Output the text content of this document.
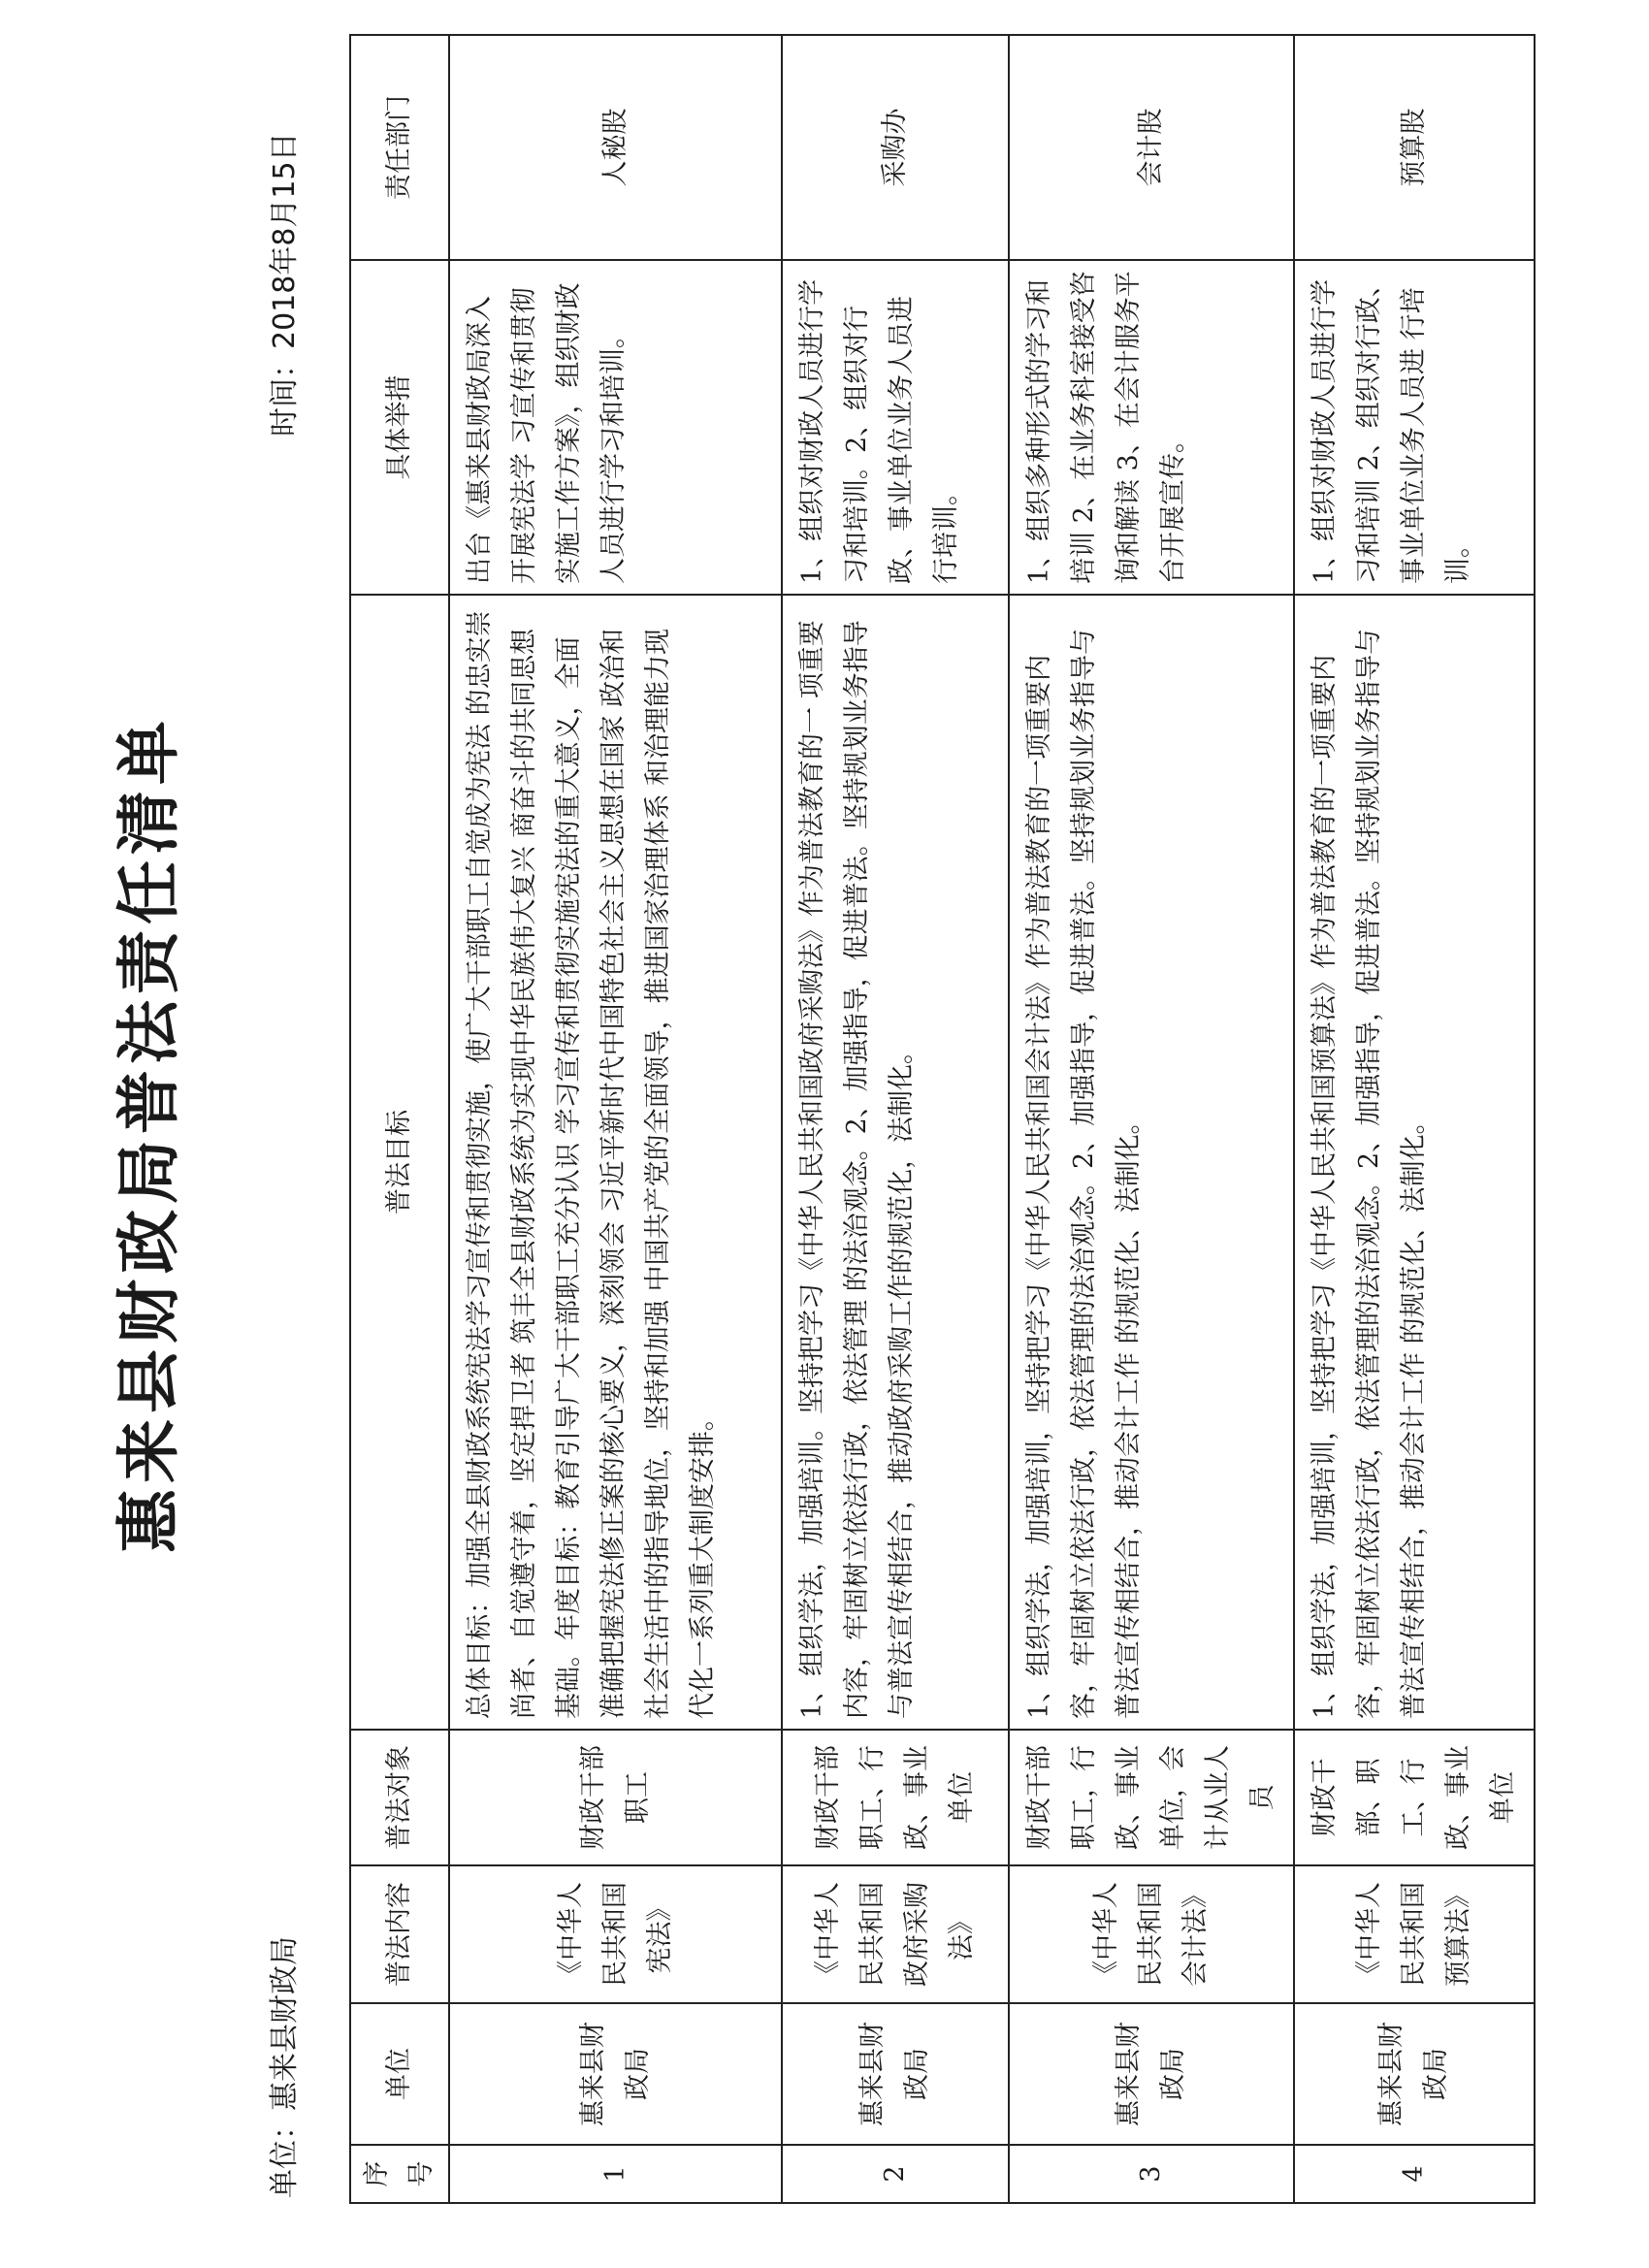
惠来县财政局普法责任清单
单位：惠来县财政局
时间：2018年8月15日
序号	单位	普法内容	普法对象	普法目标	具体举措	责任部门
1	惠来县财政局	《中华人民共和国宪法》	财政干部职工	总体目标：加强全县财政系统宪法学习宣传和贯彻实施，使广大干部职工自觉成为宪法 的忠实崇尚者、自觉遵守着，坚定捍卫者 筑丰全县财政系统为实现中华民族伟大复兴 商奋斗的共同思想基础。年度目标：教育引导广大干部职工充分认识 学习宣传和贯彻实施宪法的重大意义，全面 准确把握宪法修正案的核心要义，深刻领会 习近平新时代中国特色社会主义思想在国家 政治和社会生活中的指导地位，坚持和加强 中国共产党的全面领导，推进国家治理体系 和治理能力现代化一系列重大制度安排。	出台《惠来县财政局深入开展宪法学 习宣传和贯彻实施工作方案》，组织财政人员进行学习和培训。	人秘股
2	惠来县财政局	《中华人民共和国政府采购法》	财政干部职工、行政、事业单位	1、组织学法，加强培训。坚持把学习《中华人民共和国政府采购法》作为普法教育的一 项重要内容，牢固树立依法行政，依法管理 的法治观念。2、加强指导，促进普法。坚持规划业务指导与普法宣传相结合，推动政府采购工作的规范化，法制化。	1、组织对财政人员进行学习和培训。2、组织对行政、事业单位业务人员进行培训。	采购办
3	惠来县财政局	《中华人民共和国会计法》	财政干部职工，行政、事业单位，会 计从业人员	1、组织学法，加强培训，坚持把学习《中华人民共和国会计法》作为普法教育的一项重要内容，牢固树立依法行政，依法管理的法治观念。2、加强指导，促进普法。坚持规划业务指导与普法宣传相结合，推动会计工作 的规范化、法制化。	1、组织多种形式的学习和培训 2、在业务科室接受咨询和解读 3、在会计服务平台开展宣传。	会计股
4	惠来县财政局	《中华人民共和国预算法》	财政干部、职工、行政、事业单位	1、组织学法，加强培训，坚持把学习《中华人民共和国预算法》作为普法教育的一项重要内容，牢固树立依法行政，依法管理的法治观念。2、加强指导，促进普法。坚持规划业务指导与普法宣传相结合，推动会计工作 的规范化、法制化。	1、组织对财政人员进行学习和培训 2、组织对行政、事业单位业务人员进 行培训。	预算股
